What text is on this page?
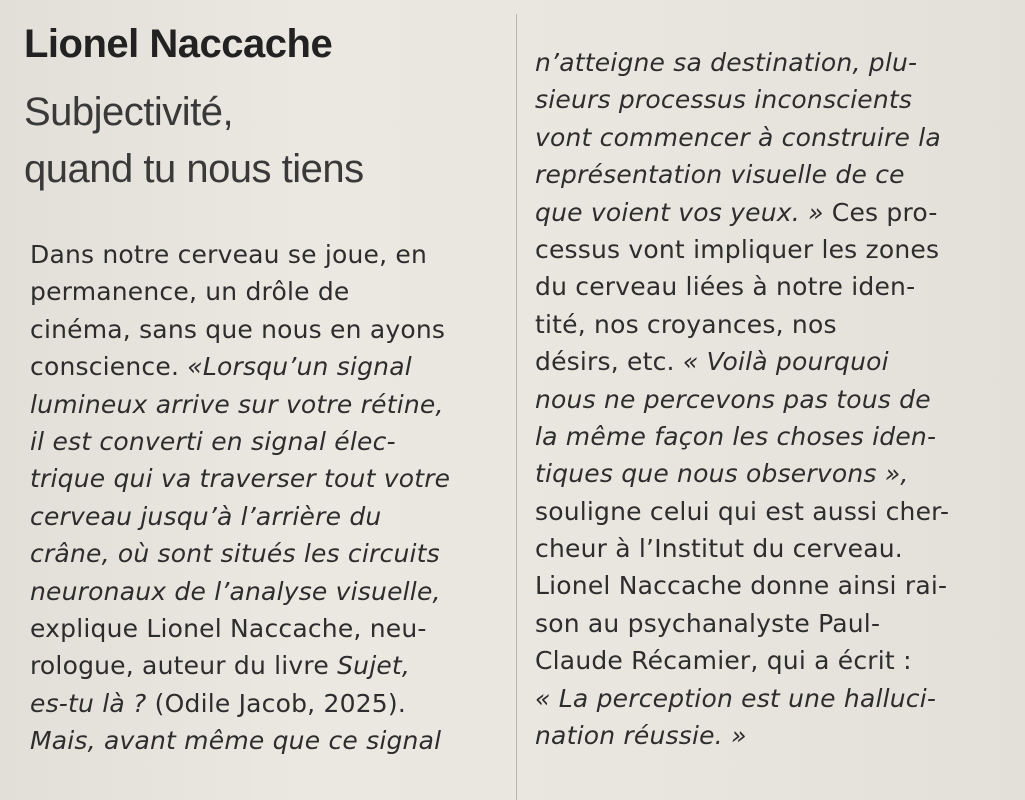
Lionel Naccache
Subjectivité,
quand tu nous tiens
Dans notre cerveau se joue, en
permanence, un drôle de
cinéma, sans que nous en ayons
conscience. «Lorsqu’un signal
lumineux arrive sur votre rétine,
il est converti en signal élec-
trique qui va traverser tout votre
cerveau jusqu’à l’arrière du
crâne, où sont situés les circuits
neuronaux de l’analyse visuelle,
explique Lionel Naccache, neu-
rologue, auteur du livre Sujet,
es-tu là ? (Odile Jacob, 2025).
Mais, avant même que ce signal
n’atteigne sa destination, plu-
sieurs processus inconscients
vont commencer à construire la
représentation visuelle de ce
que voient vos yeux. » Ces pro-
cessus vont impliquer les zones
du cerveau liées à notre iden-
tité, nos croyances, nos
désirs, etc. « Voilà pourquoi
nous ne percevons pas tous de
la même façon les choses iden-
tiques que nous observons »,
souligne celui qui est aussi cher-
cheur à l’Institut du cerveau.
Lionel Naccache donne ainsi rai-
son au psychanalyste Paul-
Claude Récamier, qui a écrit :
« La perception est une halluci-
nation réussie. »
